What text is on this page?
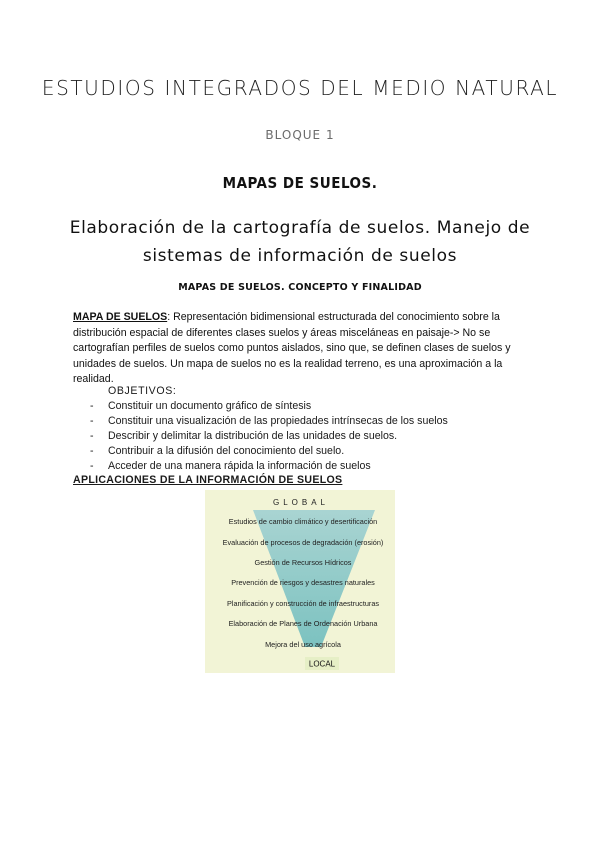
ESTUDIOS INTEGRADOS DEL MEDIO NATURAL
BLOQUE 1
MAPAS DE SUELOS.
Elaboración de la cartografía de suelos. Manejo de
sistemas de información de suelos
MAPAS DE SUELOS. CONCEPTO Y FINALIDAD
MAPA DE SUELOS: Representación bidimensional estructurada del conocimiento sobre la distribución espacial de diferentes clases suelos y áreas misceláneas en paisaje-> No se cartografían perfiles de suelos como puntos aislados, sino que, se definen clases de suelos y unidades de suelos. Un mapa de suelos no es la realidad terreno, es una aproximación a la realidad.
OBJETIVOS:
- Constituir un documento gráfico de síntesis
- Constituir una visualización de las propiedades intrínsecas de los suelos
- Describir y delimitar la distribución de las unidades de suelos.
- Contribuir a la difusión del conocimiento del suelo.
- Acceder de una manera rápida la información de suelos
APLICACIONES DE LA INFORMACIÓN DE SUELOS
GLOBAL
Estudios de cambio climático y desertificación
Evaluación de procesos de degradación (erosión)
Gestión de Recursos Hídricos
Prevención de riesgos y desastres naturales
Planificación y construcción de infraestructuras
Elaboración de Planes de Ordenación Urbana
Mejora del uso agrícola
LOCAL
